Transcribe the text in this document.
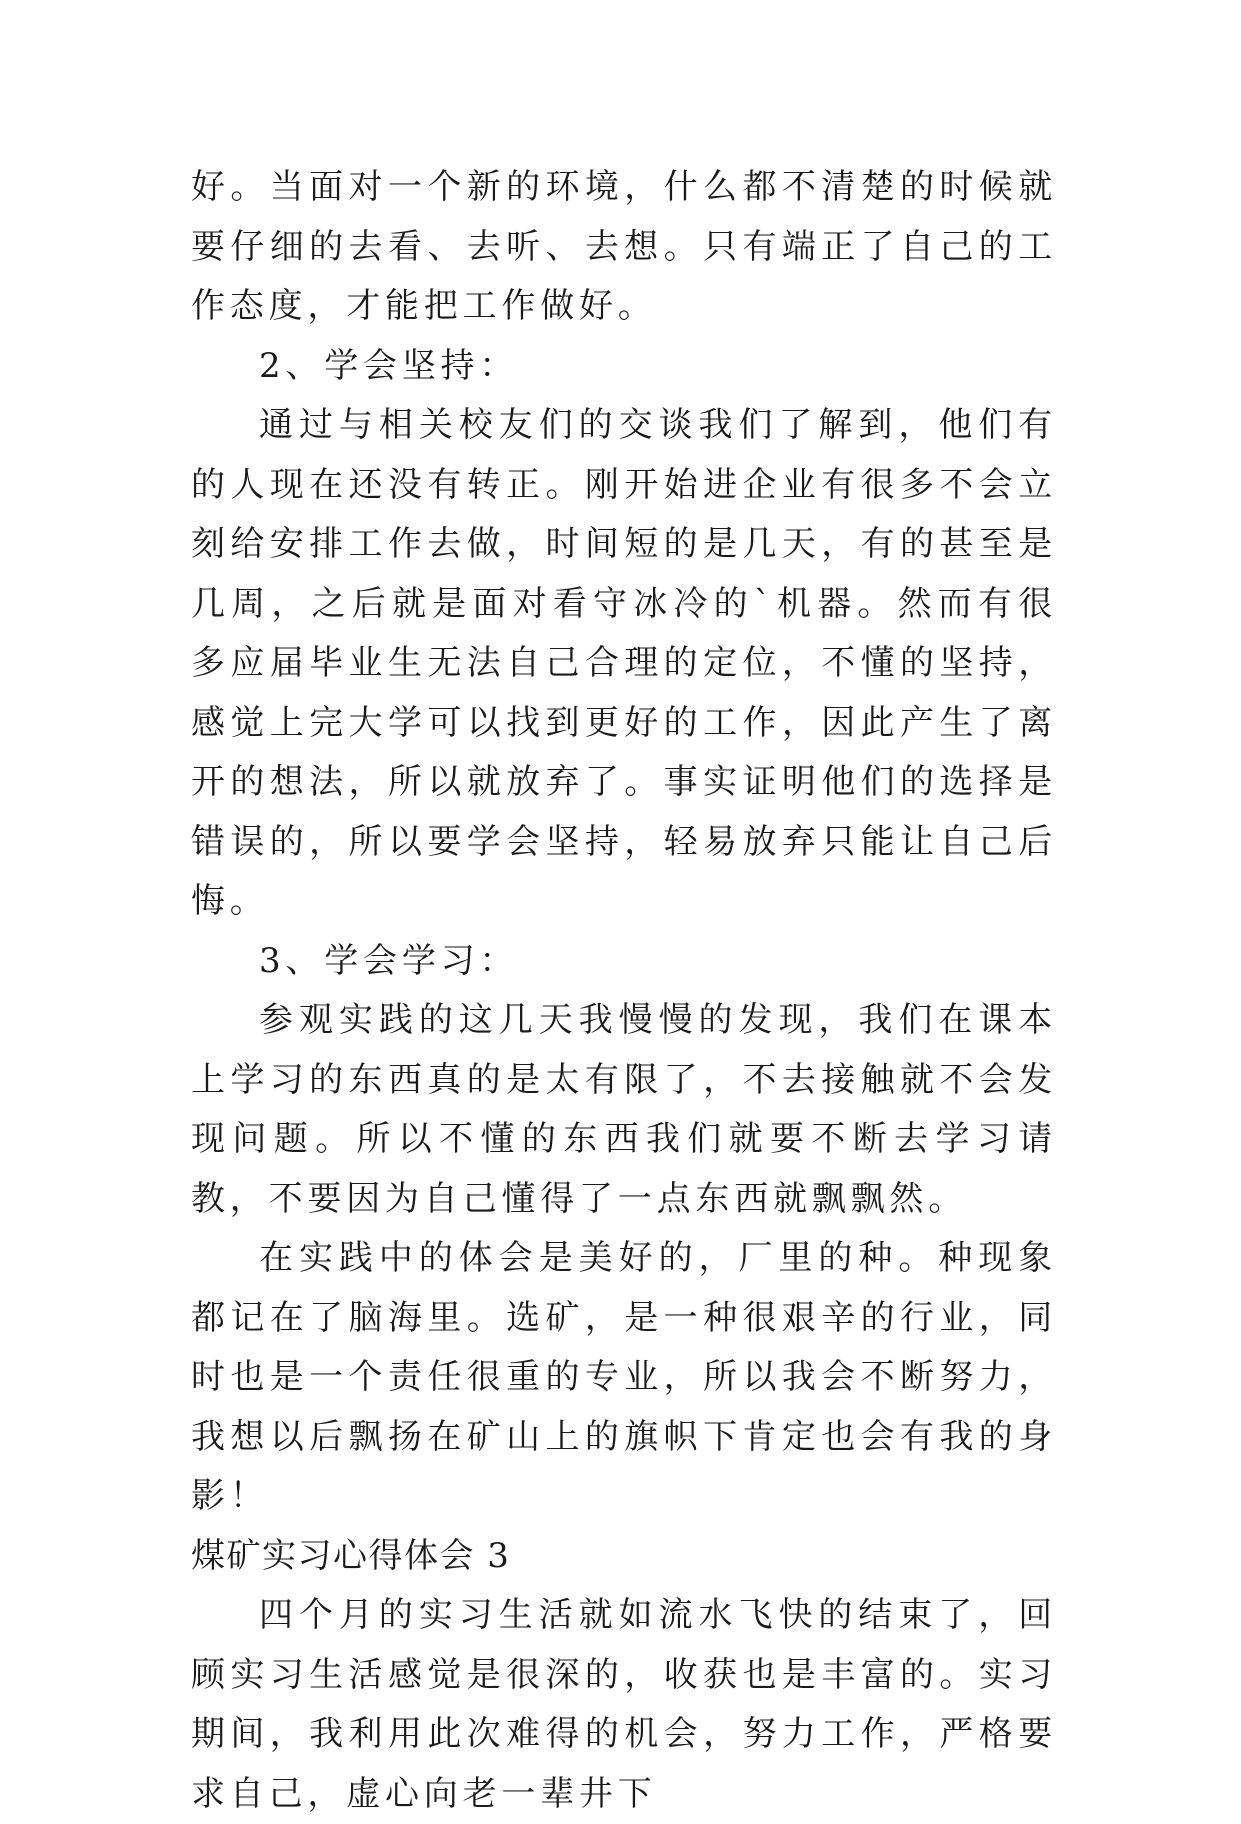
好。当面对一个新的环境，什么都不清楚的时候就要仔细的去看、去听、去想。只有端正了自己的工作态度，才能把工作做好。

2、学会坚持：

通过与相关校友们的交谈我们了解到，他们有的人现在还没有转正。刚开始进企业有很多不会立刻给安排工作去做，时间短的是几天，有的甚至是几周，之后就是面对看守冰冷的`机器。然而有很多应届毕业生无法自己合理的定位，不懂的坚持，感觉上完大学可以找到更好的工作，因此产生了离开的想法，所以就放弃了。事实证明他们的选择是错误的，所以要学会坚持，轻易放弃只能让自己后悔。

3、学会学习：

参观实践的这几天我慢慢的发现，我们在课本上学习的东西真的是太有限了，不去接触就不会发现问题。所以不懂的东西我们就要不断去学习请教，不要因为自己懂得了一点东西就飘飘然。

在实践中的体会是美好的，厂里的种。种现象都记在了脑海里。选矿，是一种很艰辛的行业，同时也是一个责任很重的专业，所以我会不断努力，我想以后飘扬在矿山上的旗帜下肯定也会有我的身影！

煤矿实习心得体会 3

四个月的实习生活就如流水飞快的结束了，回顾实习生活感觉是很深的，收获也是丰富的。实习期间，我利用此次难得的机会，努力工作，严格要求自己，虚心向老一辈井下
